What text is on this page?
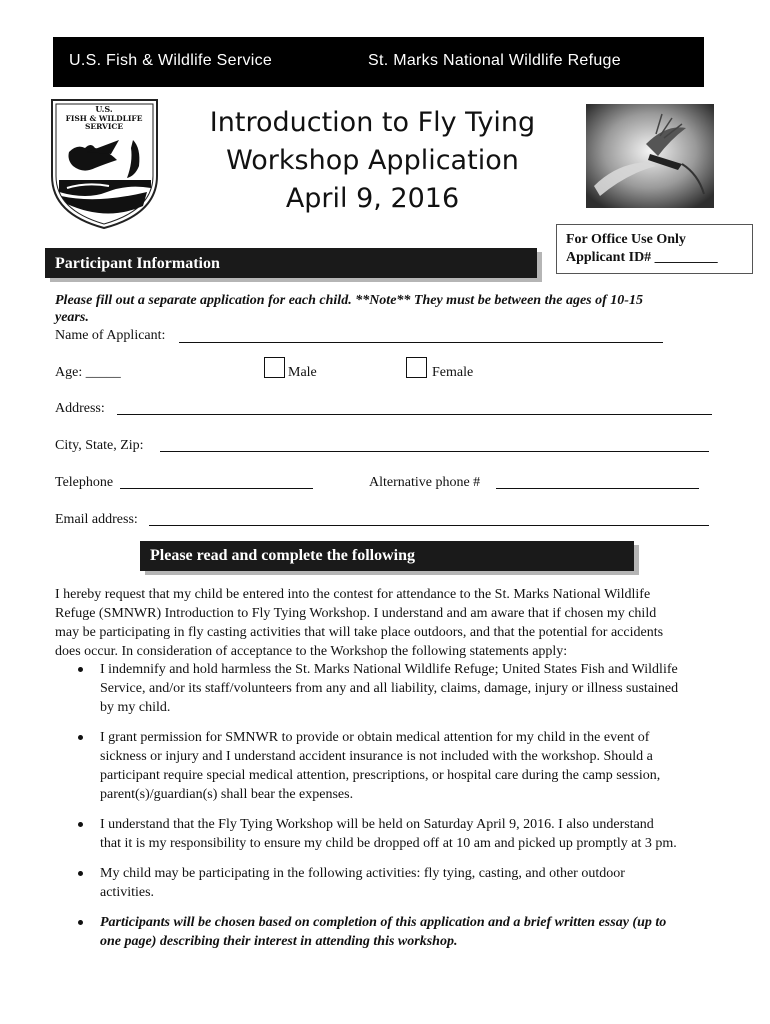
U.S. Fish & Wildlife Service	St. Marks National Wildlife Refuge
U.S.
FISH & WILDLIFE
SERVICE	Introduction to Fly Tying
Workshop Application
April 9, 2016
For Office Use Only
Applicant ID# _________
Participant Information
Please fill out a separate application for each child. **Note** They must be between the ages of 10-15
years.
Name of Applicant:
Age: _____	Male	Female
Address:
City, State, Zip:
Telephone	Alternative phone #
Email address:
Please read and complete the following
I hereby request that my child be entered into the contest for attendance to the St. Marks National Wildlife
Refuge (SMNWR) Introduction to Fly Tying Workshop. I understand and am aware that if chosen my child
may be participating in fly casting activities that will take place outdoors, and that the potential for accidents
does occur. In consideration of acceptance to the Workshop the following statements apply:
I indemnify and hold harmless the St. Marks National Wildlife Refuge; United States Fish and Wildlife
Service, and/or its staff/volunteers from any and all liability, claims, damage, injury or illness sustained
by my child.
I grant permission for SMNWR to provide or obtain medical attention for my child in the event of
sickness or injury and I understand accident insurance is not included with the workshop. Should a
participant require special medical attention, prescriptions, or hospital care during the camp session,
parent(s)/guardian(s) shall bear the expenses.
I understand that the Fly Tying Workshop will be held on Saturday April 9, 2016. I also understand
that it is my responsibility to ensure my child be dropped off at 10 am and picked up promptly at 3 pm.
My child may be participating in the following activities: fly tying, casting, and other outdoor
activities.
Participants will be chosen based on completion of this application and a brief written essay (up to
one page) describing their interest in attending this workshop.
